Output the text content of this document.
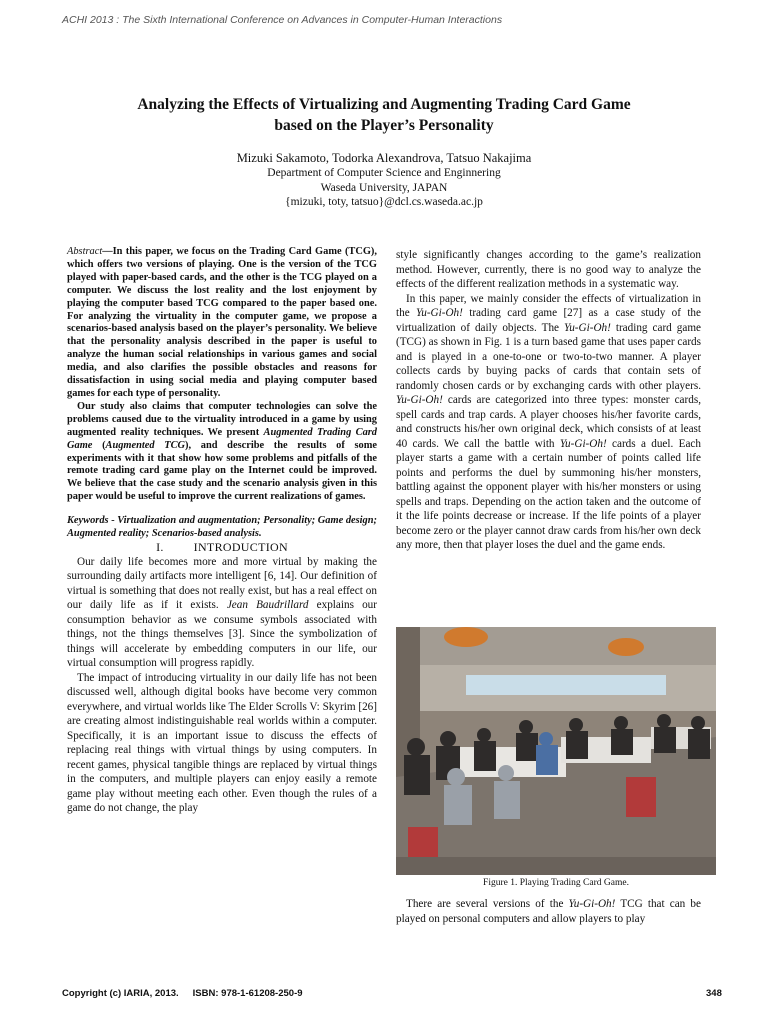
ACHI 2013 : The Sixth International Conference on Advances in Computer-Human Interactions
Analyzing the Effects of Virtualizing and Augmenting Trading Card Game
based on the Player’s Personality
Mizuki Sakamoto, Todorka Alexandrova, Tatsuo Nakajima
Department of Computer Science and Enginnering
Waseda University, JAPAN
{mizuki, toty, tatsuo}@dcl.cs.waseda.ac.jp

Abstract—In this paper, we focus on the Trading Card Game (TCG), which offers two versions of playing. One is the version of the TCG played with paper-based cards, and the other is the TCG played on a computer. We discuss the lost reality and the lost enjoyment by playing the computer based TCG compared to the paper based one. For analyzing the virtuality in the computer game, we propose a scenarios-based analysis based on the player’s personality. We believe that the personality analysis described in the paper is useful to analyze the human social relationships in various games and social media, and also clarifies the possible obstacles and reasons for dissatisfaction in using social media and playing computer based games for each type of personality.

Our study also claims that computer technologies can solve the problems caused due to the virtuality introduced in a game by using augmented reality techniques. We present Augmented Trading Card Game (Augmented TCG), and describe the results of some experiments with it that show how some problems and pitfalls of the remote trading card game play on the Internet could be improved. We believe that the case study and the scenario analysis given in this paper would be useful to improve the current realizations of games.

Keywords - Virtualization and augmentation; Personality; Game design; Augmented reality; Scenarios-based analysis.

I.	INTRODUCTION

Our daily life becomes more and more virtual by making the surrounding daily artifacts more intelligent [6, 14]. Our definition of virtual is something that does not really exist, but has a real effect on our daily life as if it exists. Jean Baudrillard explains our consumption behavior as we consume symbols associated with things, not the things themselves [3]. Since the symbolization of things will accelerate by embedding computers in our life, our virtual consumption will progress rapidly.

The impact of introducing virtuality in our daily life has not been discussed well, although digital books have become very common everywhere, and virtual worlds like The Elder Scrolls V: Skyrim [26] are creating almost indistinguishable real worlds within a computer. Specifically, it is an important issue to discuss the effects of replacing real things with virtual things by using computers. In recent games, physical tangible things are replaced by virtual things in the computers, and multiple players can enjoy easily a remote game play without meeting each other. Even though the rules of a game do not change, the play

style significantly changes according to the game’s realization method. However, currently, there is no good way to analyze the effects of the different realization methods in a systematic way.

In this paper, we mainly consider the effects of virtualization in the Yu-Gi-Oh! trading card game [27] as a case study of the virtualization of daily objects. The Yu-Gi-Oh! trading card game (TCG) as shown in Fig. 1 is a turn based game that uses paper cards and is played in a one-to-one or two-to-two manner. A player collects cards by buying packs of cards that contain sets of randomly chosen cards or by exchanging cards with other players. Yu-Gi-Oh! cards are categorized into three types: monster cards, spell cards and trap cards. A player chooses his/her favorite cards, and constructs his/her own original deck, which consists of at least 40 cards. We call the battle with Yu-Gi-Oh! cards a duel. Each player starts a game with a certain number of points called life points and performs the duel by summoning his/her monsters, battling against the opponent player with his/her monsters or using spells and traps. Depending on the action taken and the outcome of it the life points decrease or increase. If the life points of a player become zero or the player cannot draw cards from his/her own deck any more, then that player loses the duel and the game ends.

Figure 1. Playing Trading Card Game.

There are several versions of the Yu-Gi-Oh! TCG that can be played on personal computers and allow players to play

Copyright (c) IARIA, 2013. ISBN: 978-1-61208-250-9	348
